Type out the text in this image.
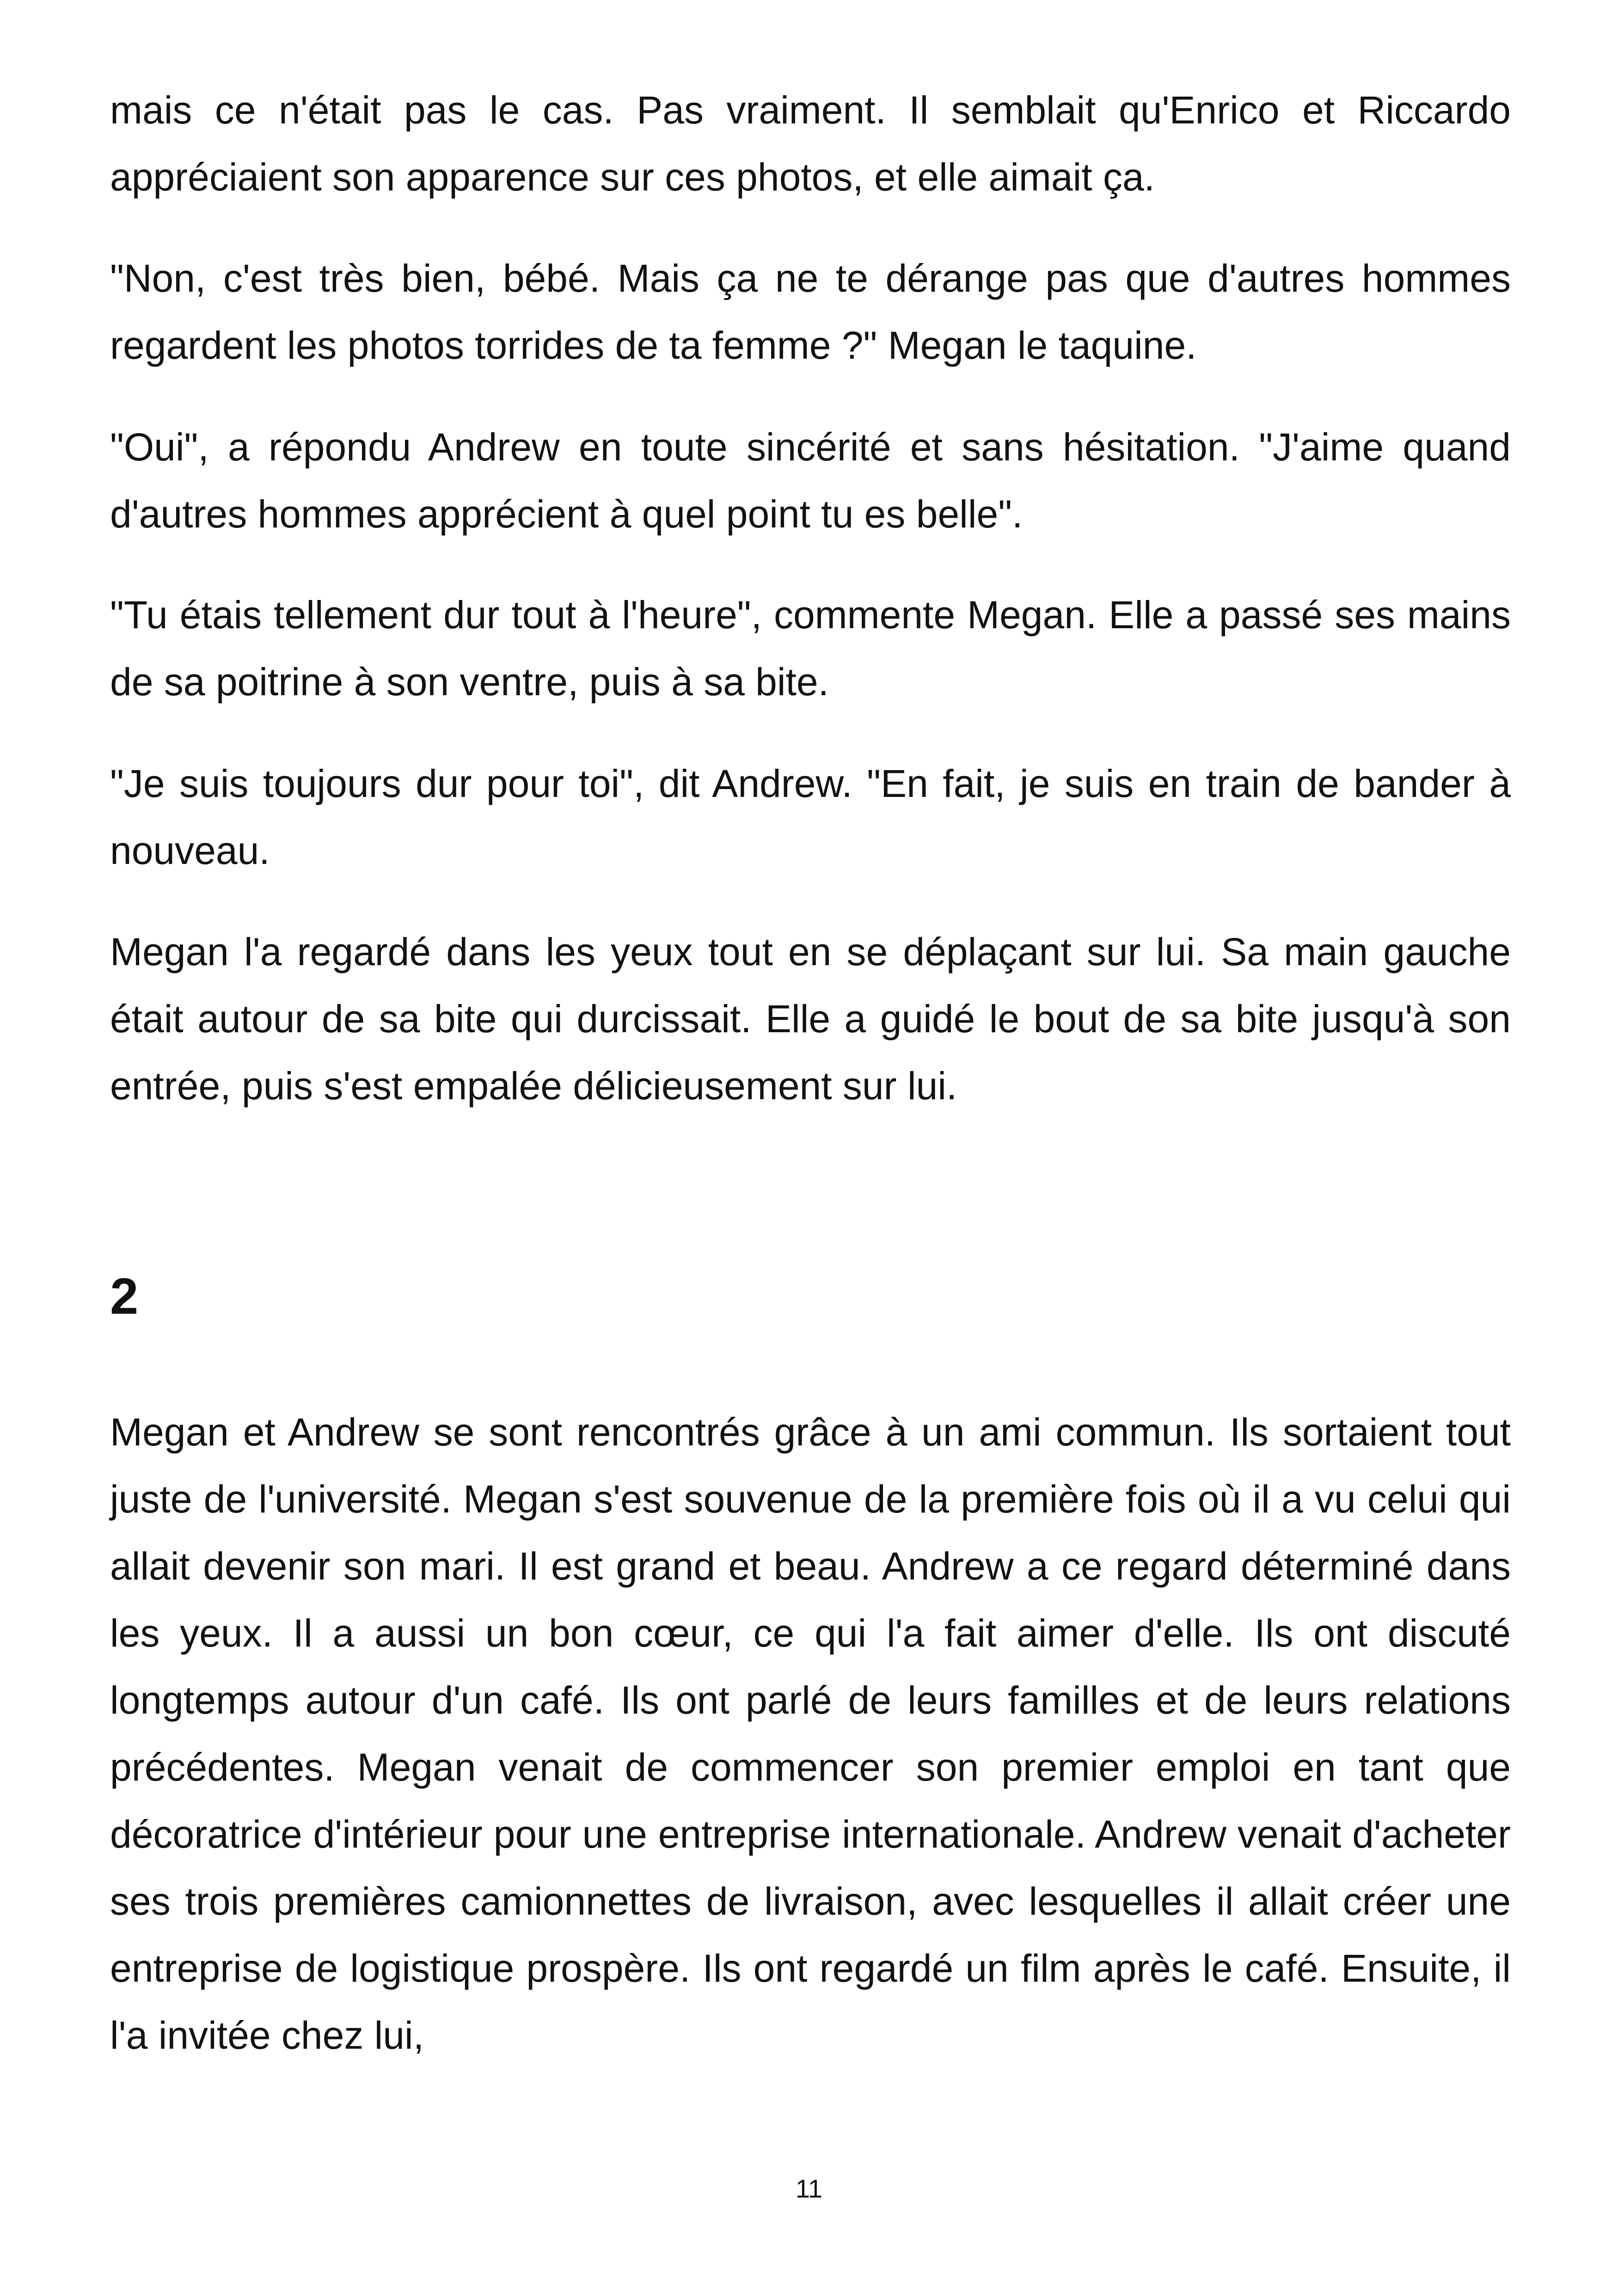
mais ce n'était pas le cas. Pas vraiment. Il semblait qu'Enrico et Riccardo appréciaient son apparence sur ces photos, et elle aimait ça.

"Non, c'est très bien, bébé. Mais ça ne te dérange pas que d'autres hommes regardent les photos torrides de ta femme ?" Megan le taquine.

"Oui", a répondu Andrew en toute sincérité et sans hésitation. "J'aime quand d'autres hommes apprécient à quel point tu es belle".

"Tu étais tellement dur tout à l'heure", commente Megan. Elle a passé ses mains de sa poitrine à son ventre, puis à sa bite.

"Je suis toujours dur pour toi", dit Andrew. "En fait, je suis en train de bander à nouveau.

Megan l'a regardé dans les yeux tout en se déplaçant sur lui. Sa main gauche était autour de sa bite qui durcissait. Elle a guidé le bout de sa bite jusqu'à son entrée, puis s'est empalée délicieusement sur lui.

2

Megan et Andrew se sont rencontrés grâce à un ami commun. Ils sortaient tout juste de l'université. Megan s'est souvenue de la première fois où il a vu celui qui allait devenir son mari. Il est grand et beau. Andrew a ce regard déterminé dans les yeux. Il a aussi un bon cœur, ce qui l'a fait aimer d'elle. Ils ont discuté longtemps autour d'un café. Ils ont parlé de leurs familles et de leurs relations précédentes. Megan venait de commencer son premier emploi en tant que décoratrice d'intérieur pour une entreprise internationale. Andrew venait d'acheter ses trois premières camionnettes de livraison, avec lesquelles il allait créer une entreprise de logistique prospère. Ils ont regardé un film après le café. Ensuite, il l'a invitée chez lui,

11
